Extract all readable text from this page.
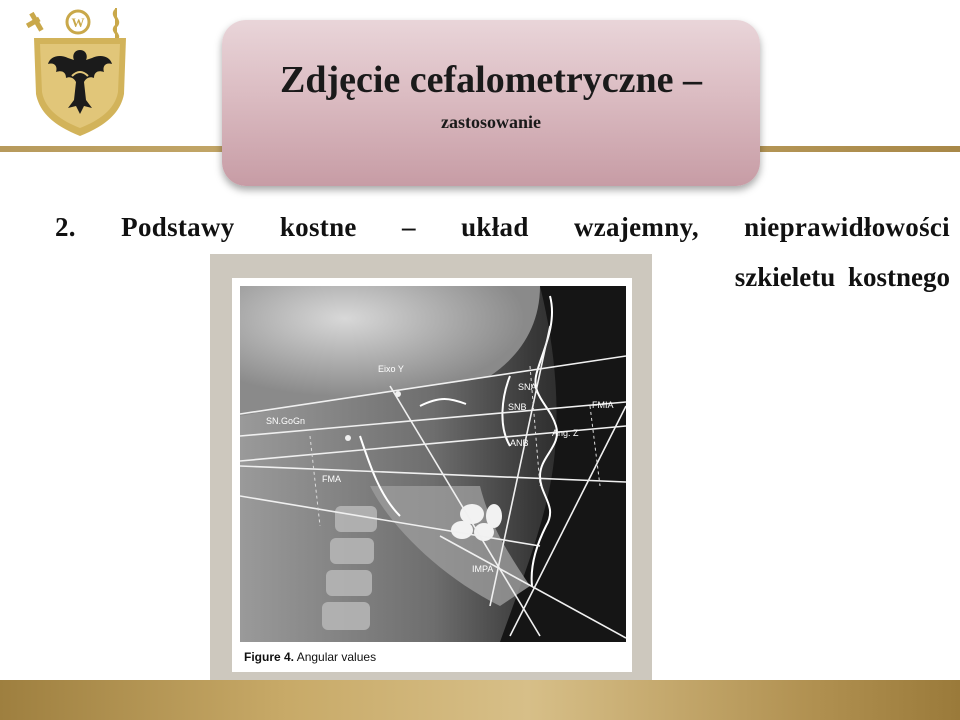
W
Zdjęcie cefalometryczne –
zastosowanie
2. Podstawy kostne – układ wzajemny, nieprawidłowości
szkieletu kostnego
Eixo Y
SNA
SNB
ANB
SN.GoGn
FMA
FMIA
Ang. Z
IMPA
Figure 4. Angular values
